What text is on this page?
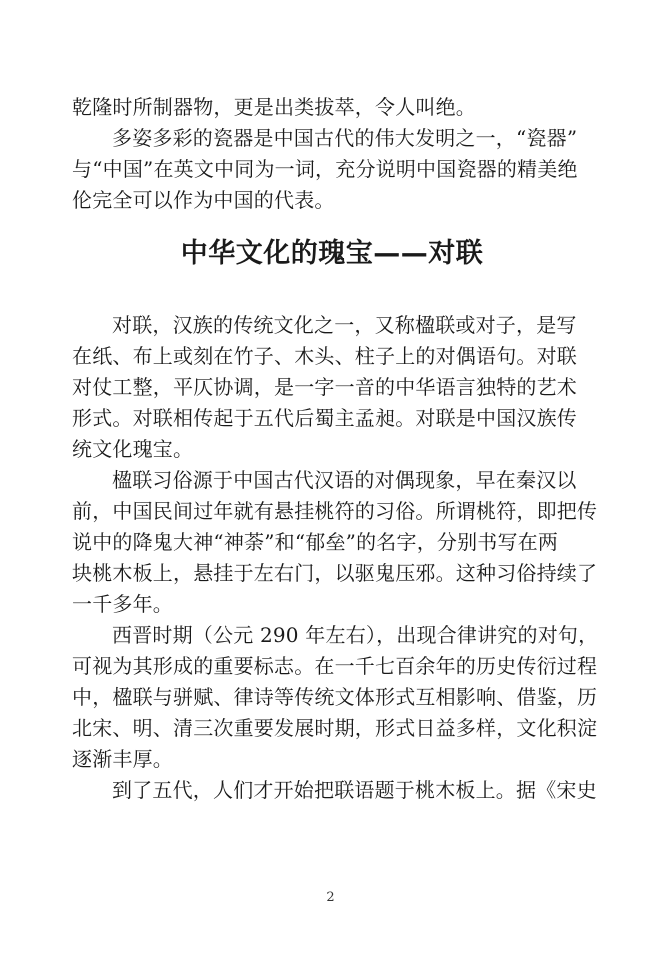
乾隆时所制器物，更是出类拔萃，令人叫绝。
多姿多彩的瓷器是中国古代的伟大发明之一，“瓷器”
与“中国”在英文中同为一词，充分说明中国瓷器的精美绝
伦完全可以作为中国的代表。
中华文化的瑰宝——对联
对联，汉族的传统文化之一，又称楹联或对子，是写
在纸、布上或刻在竹子、木头、柱子上的对偶语句。对联
对仗工整，平仄协调，是一字一音的中华语言独特的艺术
形式。对联相传起于五代后蜀主孟昶。对联是中国汉族传
统文化瑰宝。
楹联习俗源于中国古代汉语的对偶现象，早在秦汉以
前，中国民间过年就有悬挂桃符的习俗。所谓桃符，即把传
说中的降鬼大神“神荼”和“郁垒”的名字，分别书写在两
块桃木板上，悬挂于左右门，以驱鬼压邪。这种习俗持续了
一千多年。
西晋时期（公元 290 年左右），出现合律讲究的对句，
可视为其形成的重要标志。在一千七百余年的历史传衍过程
中，楹联与骈赋、律诗等传统文体形式互相影响、借鉴，历
北宋、明、清三次重要发展时期，形式日益多样，文化积淀
逐渐丰厚。
到了五代，人们才开始把联语题于桃木板上。据《宋史
2
